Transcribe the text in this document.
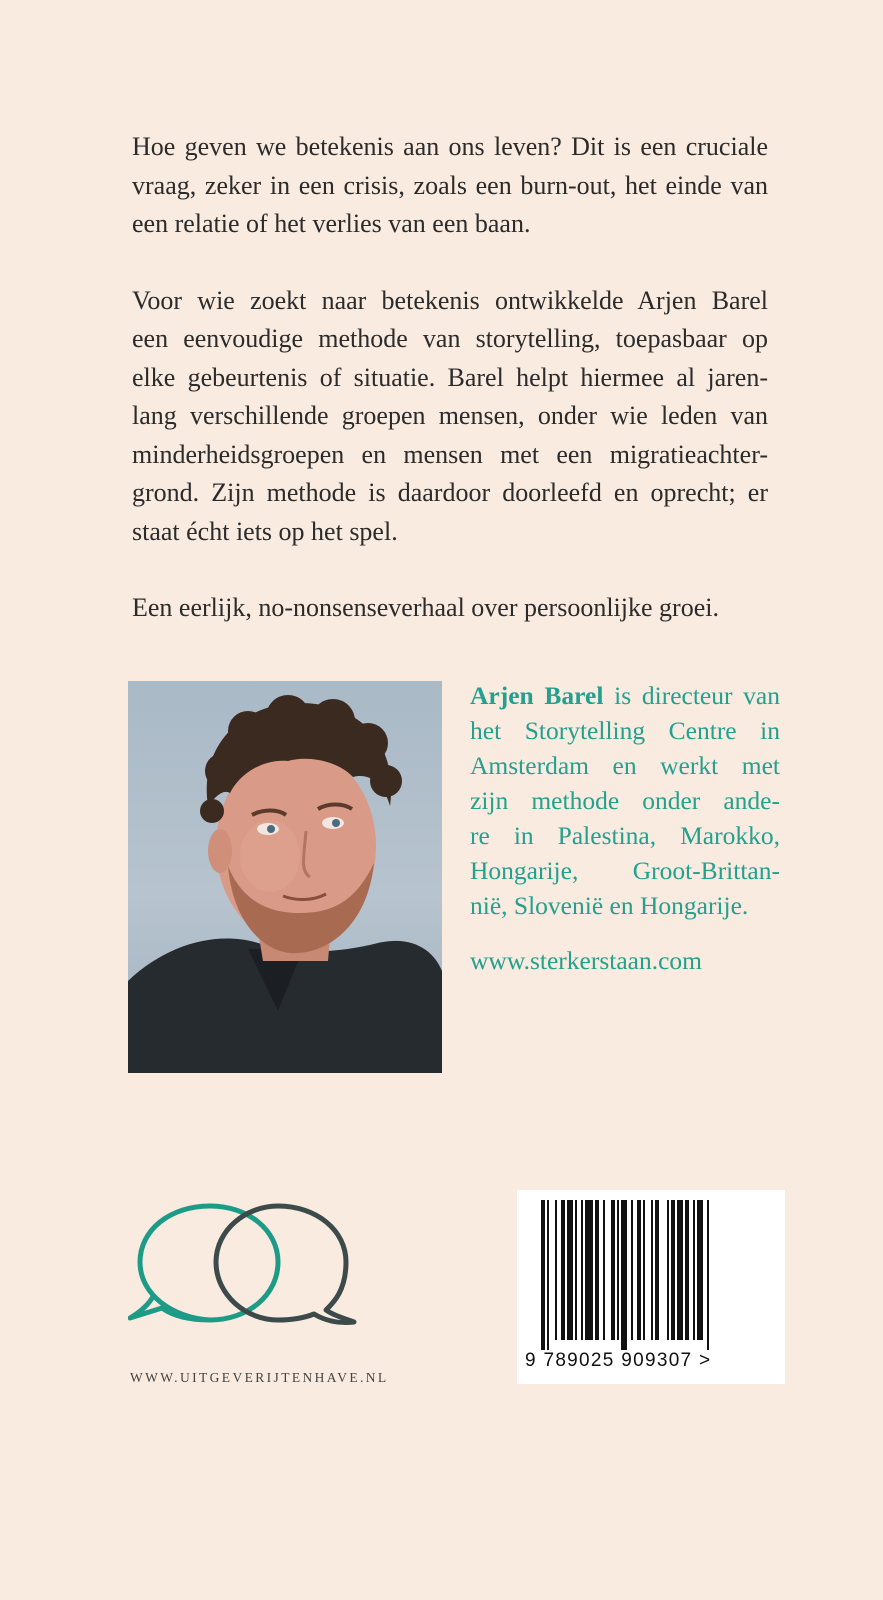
Hoe geven we betekenis aan ons leven? Dit is een cruciale
vraag, zeker in een crisis, zoals een burn-out, het einde van
een relatie of het verlies van een baan.

Voor wie zoekt naar betekenis ontwikkelde Arjen Barel
een eenvoudige methode van storytelling, toepasbaar op
elke gebeurtenis of situatie. Barel helpt hiermee al jaren-
lang verschillende groepen mensen, onder wie leden van
minderheidsgroepen en mensen met een migratieachter-
grond. Zijn methode is daardoor doorleefd en oprecht; er
staat écht iets op het spel.

Een eerlijk, no-nonsenseverhaal over persoonlijke groei.

Arjen Barel is directeur van
het Storytelling Centre in
Amsterdam en werkt met
zijn methode onder ande-
re in Palestina, Marokko,
Hongarije, Groot-Brittan-
nië, Slovenië en Hongarije.
www.sterkerstaan.com
WWW.UITGEVERIJTENHAVE.NL
9 789025 909307 >
